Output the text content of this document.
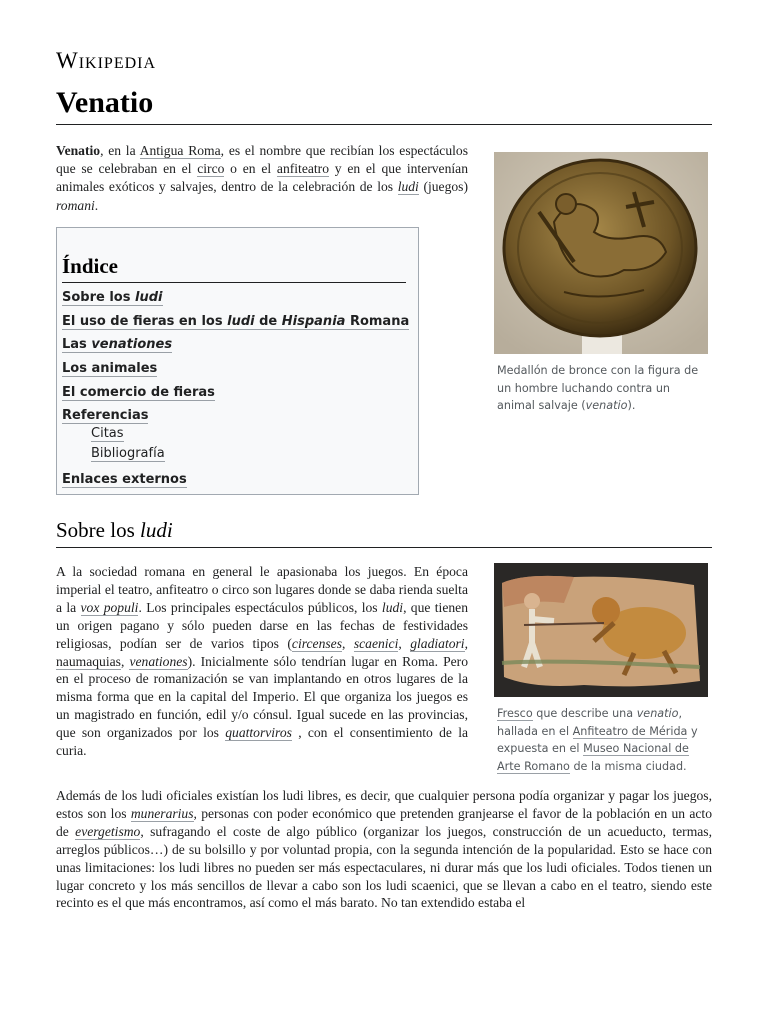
Wikipedia
Venatio

Venatio, en la Antigua Roma, es el nombre que recibían los espectáculos que se celebraban en el circo o en el anfiteatro y en el que intervenían animales exóticos y salvajes, dentro de la celebración de los ludi (juegos) romani.

Índice
Sobre los ludi
El uso de fieras en los ludi de Hispania Romana
Las venationes
Los animales
El comercio de fieras
Referencias
Citas
Bibliografía
Enlaces externos
Medallón de bronce con la figura de un hombre luchando contra un animal salvaje (venatio).
Sobre los ludi
Fresco que describe una venatio, hallada en el Anfiteatro de Mérida y expuesta en el Museo Nacional de Arte Romano de la misma ciudad.

A la sociedad romana en general le apasionaba los juegos. En época imperial el teatro, anfiteatro o circo son lugares donde se daba rienda suelta a la vox populi. Los principales espectáculos públicos, los ludi, que tienen un origen pagano y sólo pueden darse en las fechas de festividades religiosas, podían ser de varios tipos (circenses, scaenici, gladiatori, naumaquias, venationes). Inicialmente sólo tendrían lugar en Roma. Pero en el proceso de romanización se van implantando en otros lugares de la misma forma que en la capital del Imperio. El que organiza los juegos es un magistrado en función, edil y/o cónsul. Igual sucede en las provincias, que son organizados por los quattorviros , con el consentimiento de la curia.

Además de los ludi oficiales existían los ludi libres, es decir, que cualquier persona podía organizar y pagar los juegos, estos son los munerarius, personas con poder económico que pretenden granjearse el favor de la población en un acto de evergetismo, sufragando el coste de algo público (organizar los juegos, construcción de un acueducto, termas, arreglos públicos…) de su bolsillo y por voluntad propia, con la segunda intención de la popularidad. Esto se hace con unas limitaciones: los ludi libres no pueden ser más espectaculares, ni durar más que los ludi oficiales. Todos tienen un lugar concreto y los más sencillos de llevar a cabo son los ludi scaenici, que se llevan a cabo en el teatro, siendo este recinto es el que más encontramos, así como el más barato. No tan extendido estaba el
